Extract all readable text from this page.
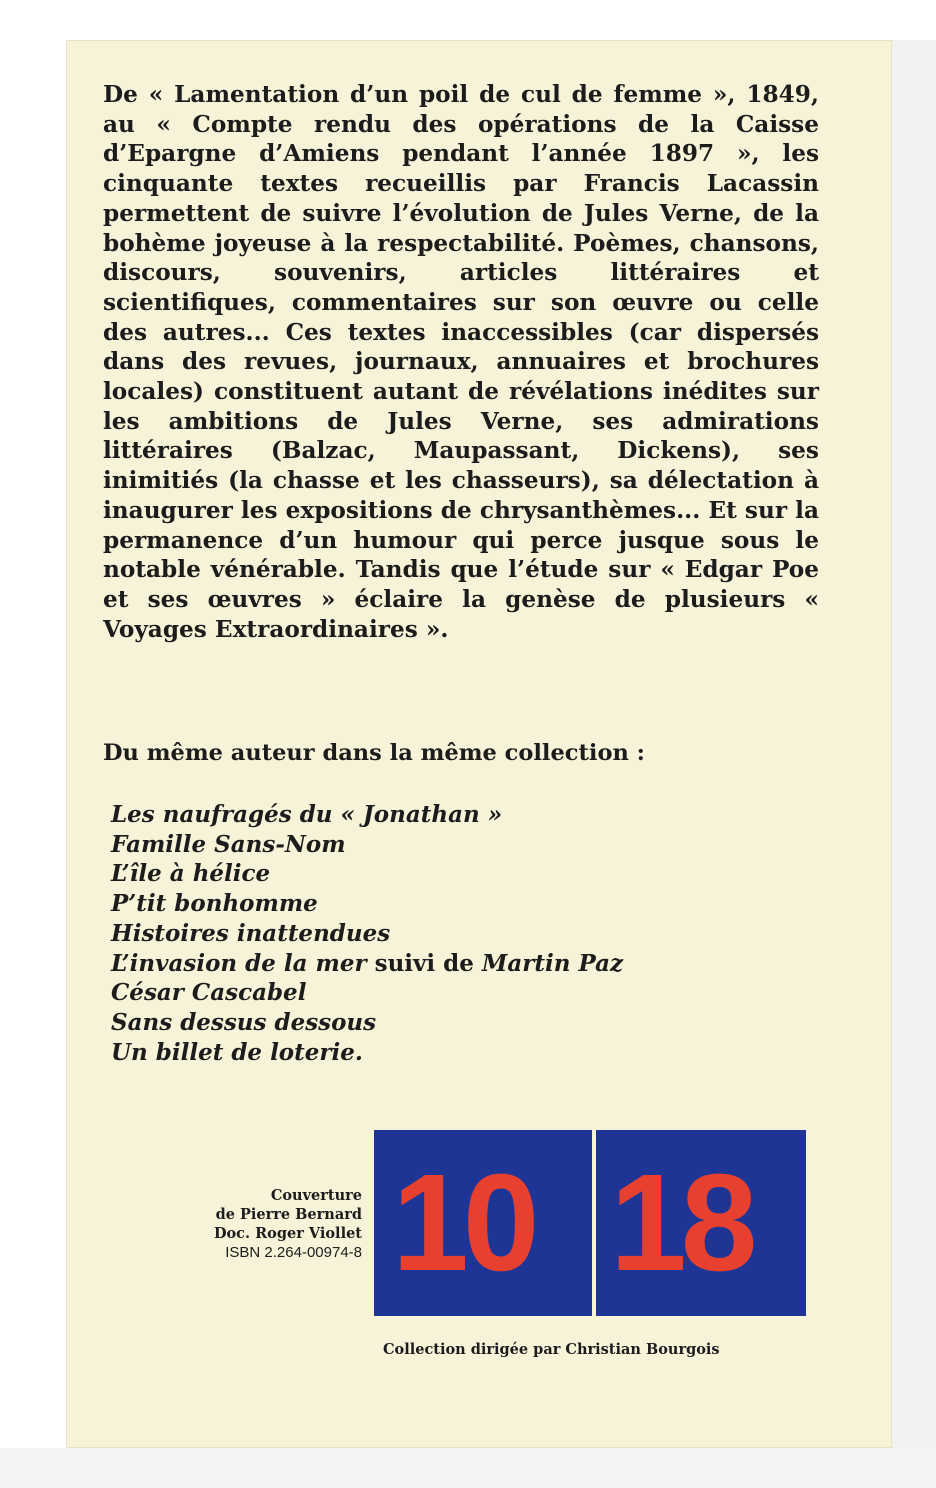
De « Lamentation d’un poil de cul de femme », 1849, au « Compte rendu des opérations de la Caisse d’Epargne d’Amiens pendant l’année 1897 », les cinquante textes recueillis par Francis Lacassin permettent de suivre l’évolution de Jules Verne, de la bohème joyeuse à la respectabilité. Poèmes, chansons, discours, souvenirs, articles littéraires et scientifiques, commentaires sur son œuvre ou celle des autres... Ces textes inaccessibles (car dispersés dans des revues, journaux, annuaires et brochures locales) constituent autant de révélations inédites sur les ambitions de Jules Verne, ses admirations littéraires (Balzac, Maupassant, Dickens), ses inimitiés (la chasse et les chasseurs), sa délectation à inaugurer les expositions de chrysanthèmes... Et sur la permanence d’un humour qui perce jusque sous le notable vénérable. Tandis que l’étude sur « Edgar Poe et ses œuvres » éclaire la genèse de plusieurs « Voyages Extraordinaires ».

Du même auteur dans la même collection :

Les naufragés du « Jonathan »
Famille Sans-Nom
L’île à hélice
P’tit bonhomme
Histoires inattendues
L’invasion de la mer suivi de Martin Paz
César Cascabel
Sans dessus dessous
Un billet de loterie.
Couverture
de Pierre Bernard
Doc. Roger Viollet
ISBN 2.264-00974-8 10 18

Collection dirigée par Christian Bourgois
